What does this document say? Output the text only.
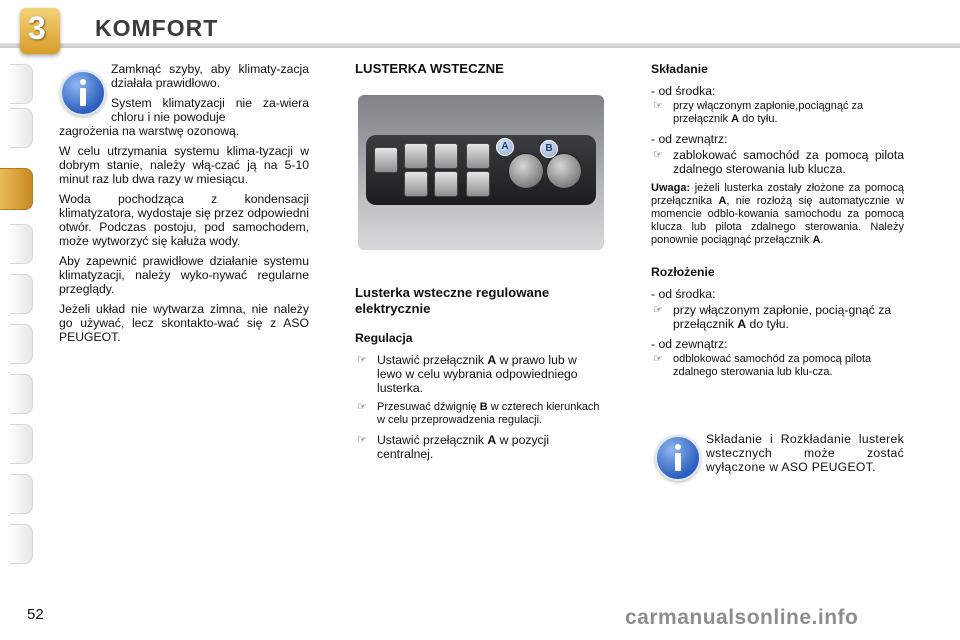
3 KOMFORT

Zamknąć szyby, aby klimaty-zacja działała prawidłowo.

System klimatyzacji nie za-wiera chloru i nie powoduje

zagrożenia na warstwę ozonową.

W celu utrzymania systemu klima-tyzacji w dobrym stanie, należy włą-czać ją na 5-10 minut raz lub dwa razy w miesiącu.

Woda pochodząca z kondensacji klimatyzatora, wydostaje się przez odpowiedni otwór. Podczas postoju, pod samochodem, może wytworzyć się kałuża wody.

Aby zapewnić prawidłowe działanie systemu klimatyzacji, należy wyko-nywać regularne przeglądy.

Jeżeli układ nie wytwarza zimna, nie należy go używać, lecz skontakto-wać się z ASO PEUGEOT.

LUSTERKA WSTECZNE
A	B
Lusterka wsteczne regulowane elektrycznie
Regulacja
☞ Ustawić przełącznik A w prawo lub w lewo w celu wybrania odpowiedniego lusterka.
☞ Przesuwać dźwignię B w czterech kierunkach w celu przeprowadzenia regulacji.
☞ Ustawić przełącznik A w pozycji centralnej.
Składanie
- od środka:
☞ przy włączonym zapłonie,pociągnąć za przełącznik A do tyłu.
- od zewnątrz:
☞ zablokować samochód za pomocą pilota zdalnego sterowania lub klucza.

Uwaga: jeżeli lusterka zostały złożone za pomocą przełącznika A, nie rozłożą się automatycznie w momencie odblo-kowania samochodu za pomocą klucza lub pilota zdalnego sterowania. Należy ponownie pociągnąć przełącznik A.

Rozłożenie
- od środka:
☞ przy włączonym zapłonie, pocią-gnąć za przełącznik A do tyłu.
- od zewnątrz:
☞ odblokować samochód za pomocą pilota zdalnego sterowania lub klu-cza.

Składanie i Rozkładanie lusterek wstecznych może zostać wyłączone w ASO PEUGEOT.

52	carmanualsonline.info
